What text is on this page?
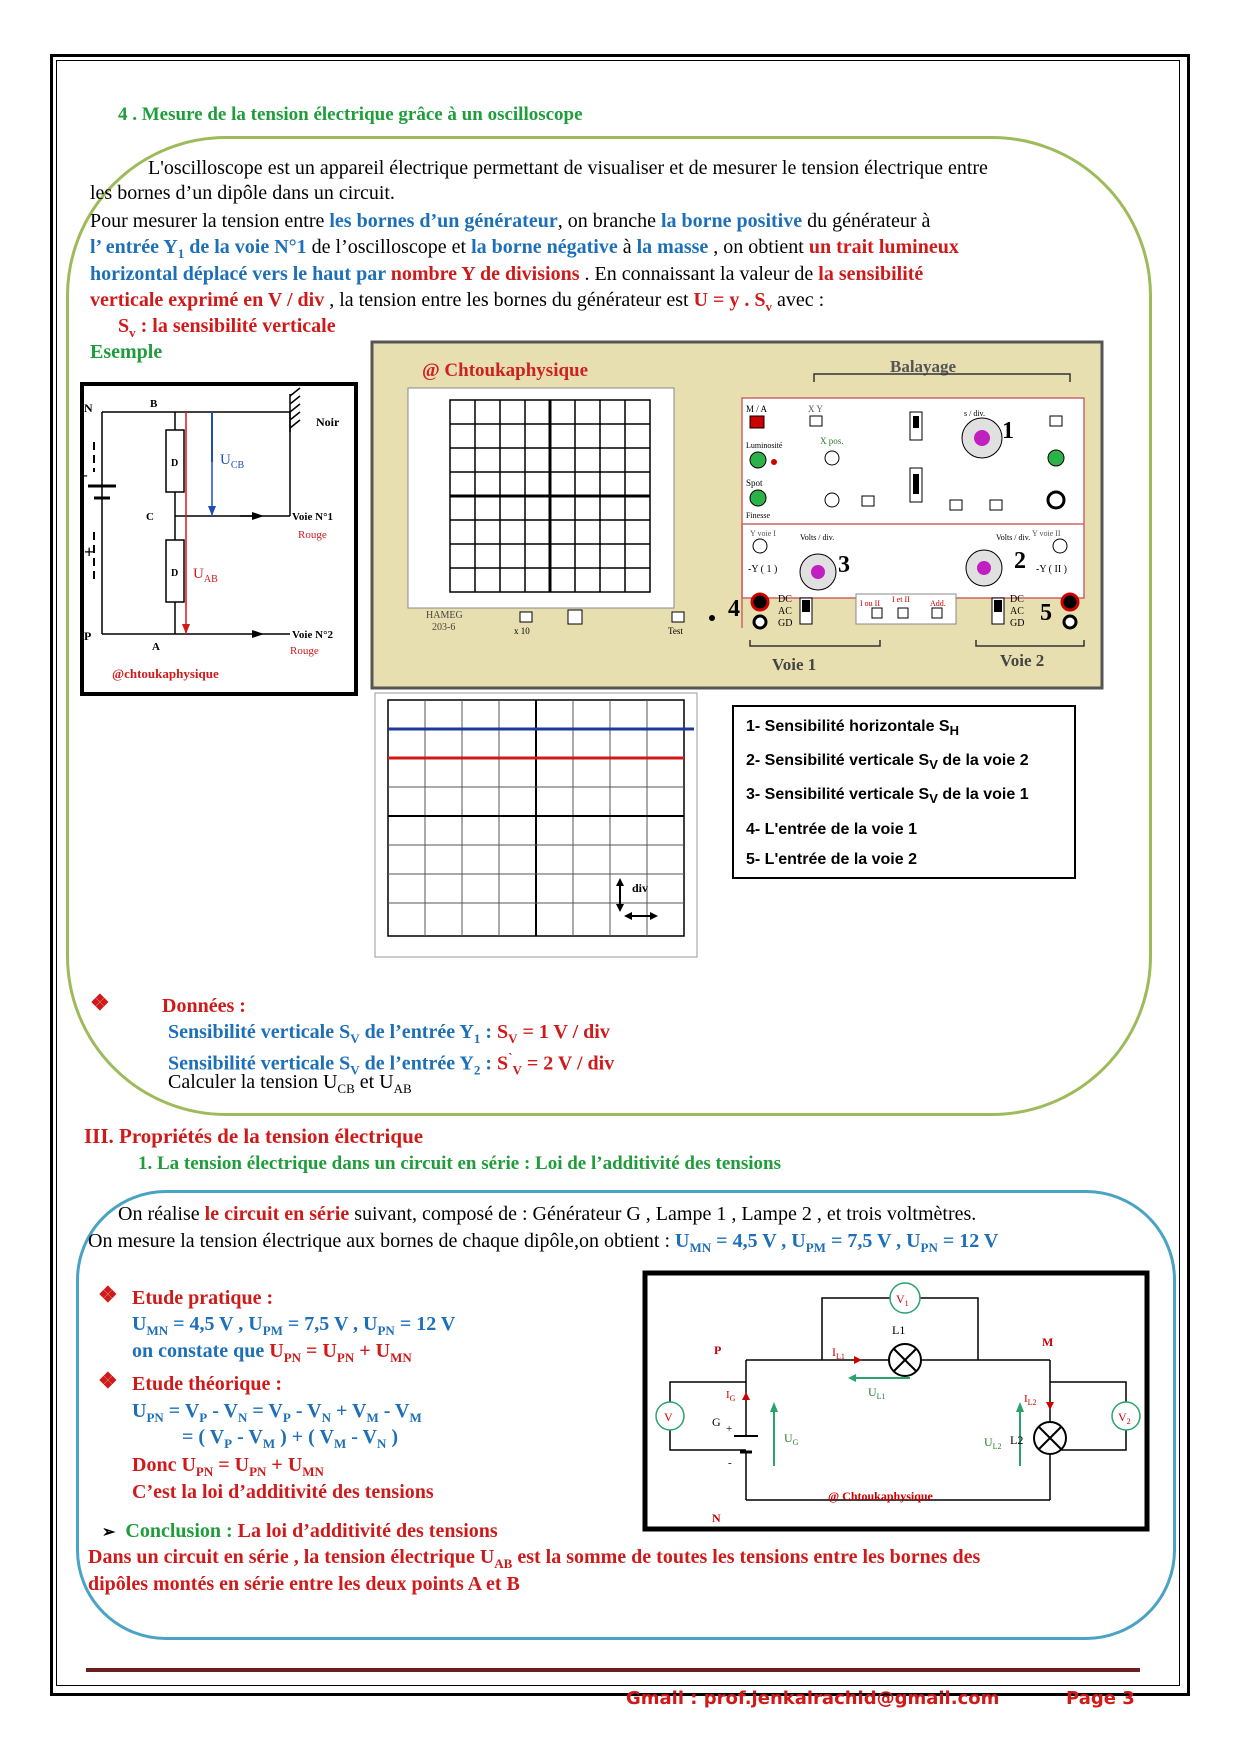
4 . Mesure de la tension électrique grâce à un oscilloscope
L'oscilloscope est un appareil électrique permettant de visualiser et de mesurer le tension électrique entre
les bornes d’un dipôle dans un circuit.
Pour mesurer la tension entre les bornes d’un générateur, on branche la borne positive du générateur à
l’ entrée $Y_1$ de la voie N°1 de l’oscilloscope et la borne négative à la masse , on obtient un trait lumineux
horizontal déplacé vers le haut par nombre Y de divisions . En connaissant la valeur de la sensibilité
verticale exprimé en V / div , la tension entre les bornes du générateur est U = y . $S_v$ avec :
$S_v$ : la sensibilité verticale
Esemple
B
N
C
P
A
D
D
Noir
-
+
$U_{CB}$
$U_{AB}$
Voie N°1
Rouge
Voie N°2
Rouge
@chtoukaphysique
@ Chtoukaphysique	Balayage
M / A	X Y
Luminosité	X pos.
Spot
Finesse
s / div.
1
Y voie I	Volts / div.
3
-Y ( 1 )
Volts / div.
2
Y voie II
-Y ( II )
4	DC
AC
GD
I ou II I et II	Add.	DC
AC
GD 5
HAMEG
203-6	x 10	Test
Voie 1	Voie 2
div
1- Sensibilité horizontale $S_H$
2- Sensibilité verticale $S_V$ de la voie 2
3- Sensibilité verticale $S_V$ de la voie 1
4- L'entrée de la voie 1
5- L'entrée de la voie 2
❖	Données :
Sensibilité verticale $S_V$ de l’entrée $Y_1$ : $S_V = 1$ V / div
Sensibilité verticale $S_V$ de l’entrée $Y_2$ : $S^`_V = 2$ V / div
Calculer la tension $U_{CB}$ et $U_{AB}$
III. Propriétés de la tension électrique
1. La tension électrique dans un circuit en série : Loi de l’additivité des tensions
On réalise le circuit en série suivant, composé de : Générateur G , Lampe 1 , Lampe 2 , et trois voltmètres.
On mesure la tension électrique aux bornes de chaque dipôle,on obtient : $U_{MN} = 4,5$ V , $U_{PM} = 7,5$ V , $U_{PN} = 12$ V
❖ Etude pratique :
$U_{MN} = 4,5$ V , $U_{PM} = 7,5$ V , $U_{PN} = 12$ V
on constate que $U_{PN} = U_{PN} + U_{MN}$
❖ Etude théorique :
$U_{PN} = V_P - V_N = V_P - V_N + V_M - V_M$
= ( $V_P - V_M$ ) + ( $V_M - V_N$ )
Donc $U_{PN} = U_{PN} + U_{MN}$
C’est la loi d’additivité des tensions
➢ Conclusion : La loi d’additivité des tensions
Dans un circuit en série , la tension électrique $U_{AB}$ est la somme de toutes les tensions entre les bornes des
dipôles montés en série entre les deux points A et B
$V_1$
L1
P
M
N
$I_{L1}$
$U_{L1}$
$I_G$
G +
-
$U_G$
$I_{L2}$
$U_{L2}$ L2
V	$V_2$
@ Chtoukaphysique
Gmail : prof.jenkalrachid@gmail.com	Page 3
